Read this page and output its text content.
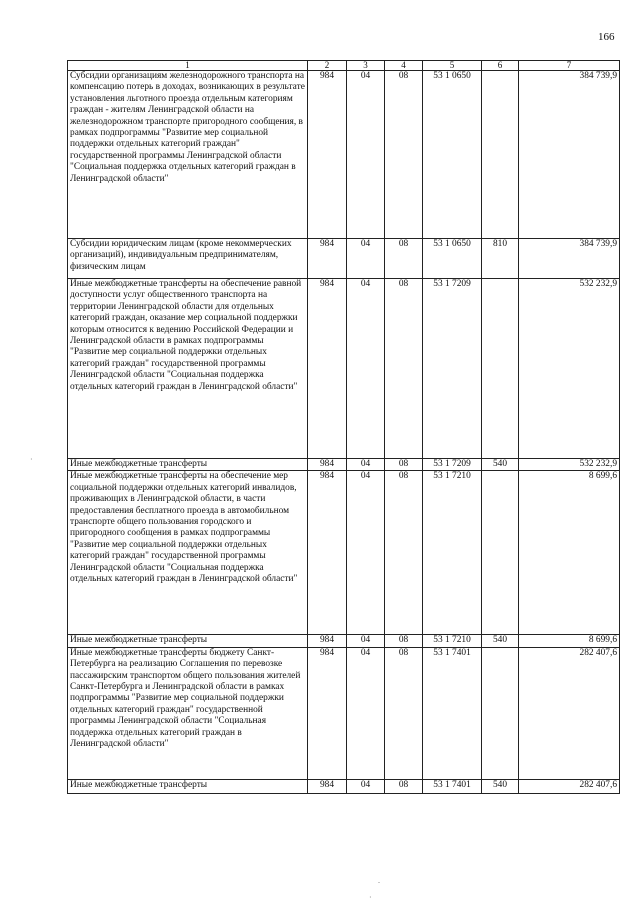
166
1	2	3	4	5	6	7
Субсидии организациям железнодорожного транспорта на компенсацию потерь в доходах, возникающих в результате установления льготного проезда отдельным категориям граждан - жителям Ленинградской области на железнодорожном транспорте пригородного сообщения, в рамках подпрограммы "Развитие мер социальной поддержки отдельных категорий граждан" государственной программы Ленинградской области "Социальная поддержка отдельных категорий граждан в Ленинградской области"	984	04	08	53 1 0650		384 739,9
Субсидии юридическим лицам (кроме некоммерческих организаций), индивидуальным предпринимателям, физическим лицам	984	04	08	53 1 0650	810	384 739,9
Иные межбюджетные трансферты на обеспечение равной доступности услуг общественного транспорта на территории Ленинградской области для отдельных категорий граждан, оказание мер социальной поддержки которым относится к ведению Российской Федерации и Ленинградской области в рамках подпрограммы "Развитие мер социальной поддержки отдельных категорий граждан" государственной программы Ленинградской области "Социальная поддержка отдельных категорий граждан в Ленинградской области"	984	04	08	53 1 7209		532 232,9
Иные межбюджетные трансферты	984	04	08	53 1 7209	540	532 232,9
Иные межбюджетные трансферты на обеспечение мер социальной поддержки отдельных категорий инвалидов, проживающих в Ленинградской области, в части предоставления бесплатного проезда в автомобильном транспорте общего пользования городского и пригородного сообщения в рамках подпрограммы "Развитие мер социальной поддержки отдельных категорий граждан" государственной программы Ленинградской области "Социальная поддержка отдельных категорий граждан в Ленинградской области"	984	04	08	53 1 7210		8 699,6
Иные межбюджетные трансферты	984	04	08	53 1 7210	540	8 699,6
Иные межбюджетные трансферты бюджету Санкт-Петербурга на реализацию Соглашения по перевозке пассажирским транспортом общего пользования жителей Санкт-Петербурга и Ленинградской области в рамках подпрограммы "Развитие мер социальной поддержки отдельных категорий граждан" государственной программы Ленинградской области "Социальная поддержка отдельных категорий граждан в Ленинградской области"	984	04	08	53 1 7401		282 407,6
Иные межбюджетные трансферты	984	04	08	53 1 7401	540	282 407,6
·
.
·
